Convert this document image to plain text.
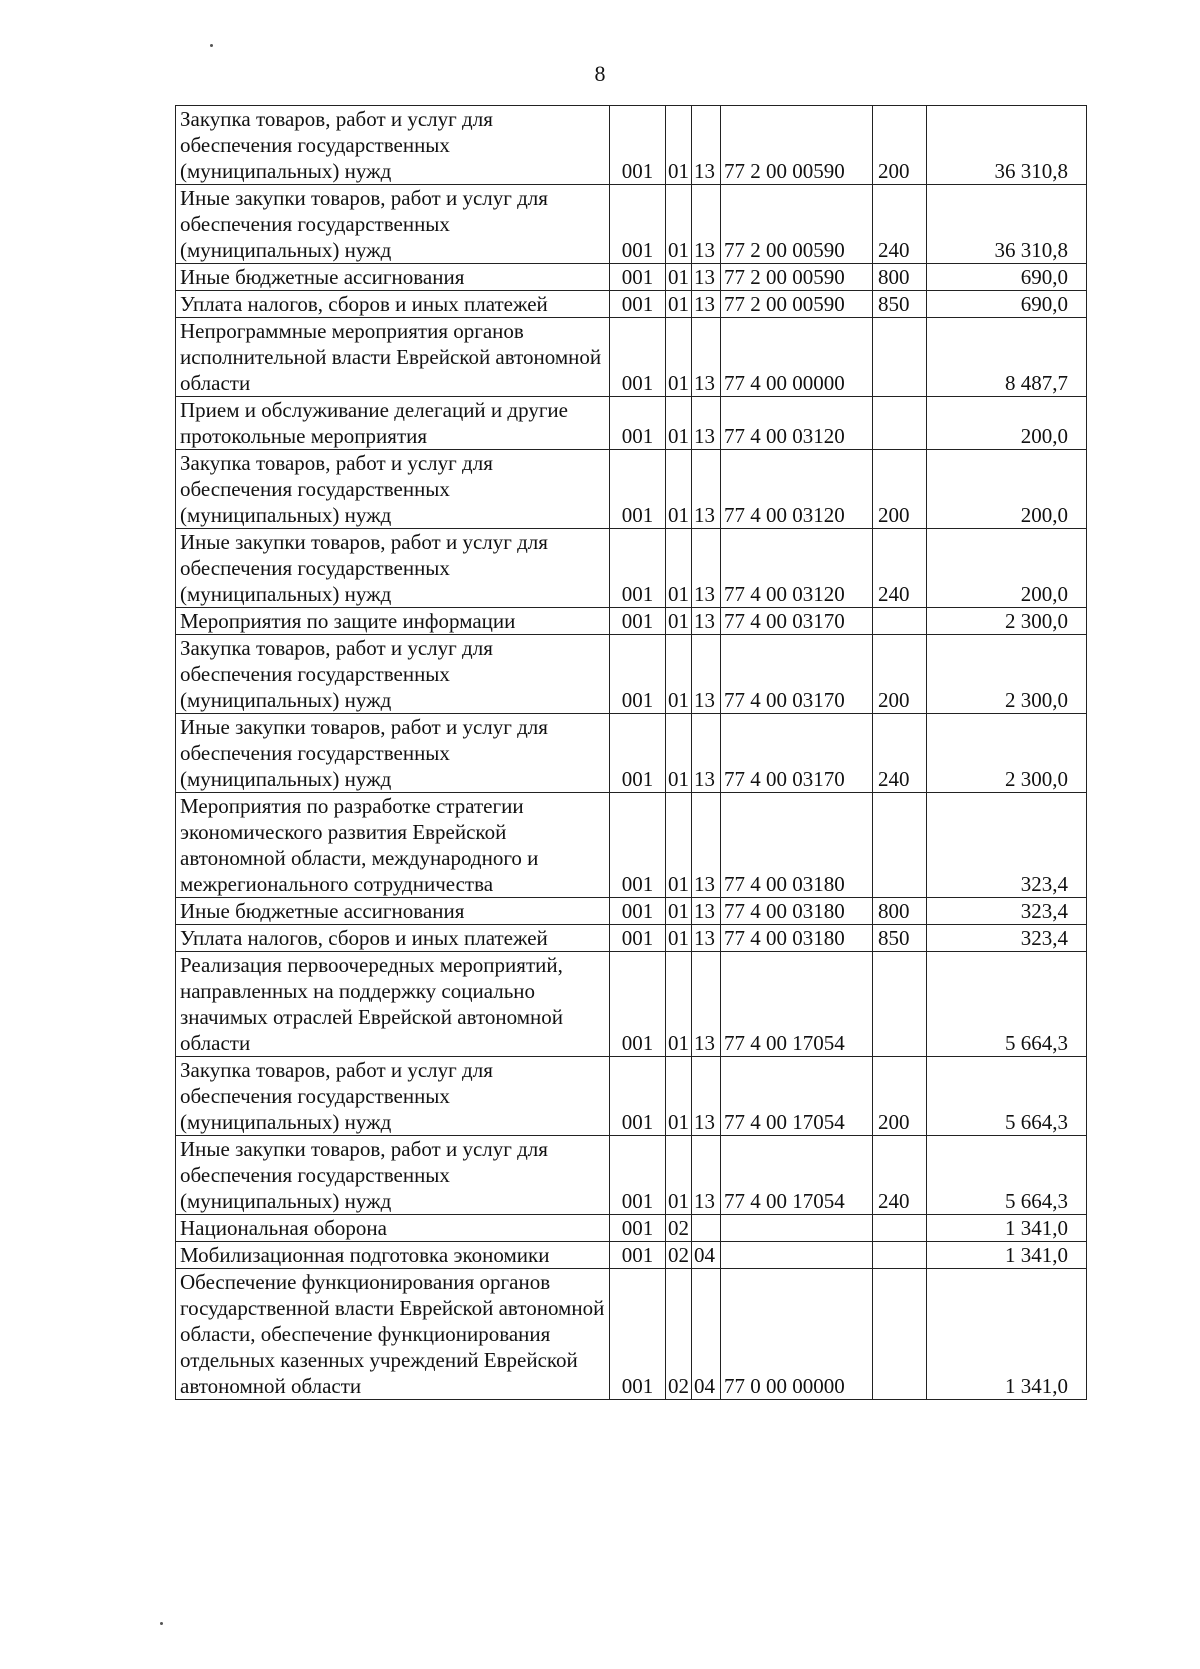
8
Закупка товаров, работ и услуг для обеспечения государственных (муниципальных) нужд	001	01	13	77 2 00 00590	200	36 310,8
Иные закупки товаров, работ и услуг для обеспечения государственных (муниципальных) нужд	001	01	13	77 2 00 00590	240	36 310,8
Иные бюджетные ассигнования	001	01	13	77 2 00 00590	800	690,0
Уплата налогов, сборов и иных платежей	001	01	13	77 2 00 00590	850	690,0
Непрограммные мероприятия органов исполнительной власти Еврейской автономной области	001	01	13	77 4 00 00000		8 487,7
Прием и обслуживание делегаций и другие протокольные мероприятия	001	01	13	77 4 00 03120		200,0
Закупка товаров, работ и услуг для обеспечения государственных (муниципальных) нужд	001	01	13	77 4 00 03120	200	200,0
Иные закупки товаров, работ и услуг для обеспечения государственных (муниципальных) нужд	001	01	13	77 4 00 03120	240	200,0
Мероприятия по защите информации	001	01	13	77 4 00 03170		2 300,0
Закупка товаров, работ и услуг для обеспечения государственных (муниципальных) нужд	001	01	13	77 4 00 03170	200	2 300,0
Иные закупки товаров, работ и услуг для обеспечения государственных (муниципальных) нужд	001	01	13	77 4 00 03170	240	2 300,0
Мероприятия по разработке стратегии экономического развития Еврейской автономной области, международного и межрегионального сотрудничества	001	01	13	77 4 00 03180		323,4
Иные бюджетные ассигнования	001	01	13	77 4 00 03180	800	323,4
Уплата налогов, сборов и иных платежей	001	01	13	77 4 00 03180	850	323,4
Реализация первоочередных мероприятий, направленных на поддержку социально значимых отраслей Еврейской автономной области	001	01	13	77 4 00 17054		5 664,3
Закупка товаров, работ и услуг для обеспечения государственных (муниципальных) нужд	001	01	13	77 4 00 17054	200	5 664,3
Иные закупки товаров, работ и услуг для обеспечения государственных (муниципальных) нужд	001	01	13	77 4 00 17054	240	5 664,3
Национальная оборона	001	02				1 341,0
Мобилизационная подготовка экономики	001	02	04			1 341,0
Обеспечение функционирования органов государственной власти Еврейской автономной области, обеспечение функционирования отдельных казенных учреждений Еврейской автономной области	001	02	04	77 0 00 00000		1 341,0
